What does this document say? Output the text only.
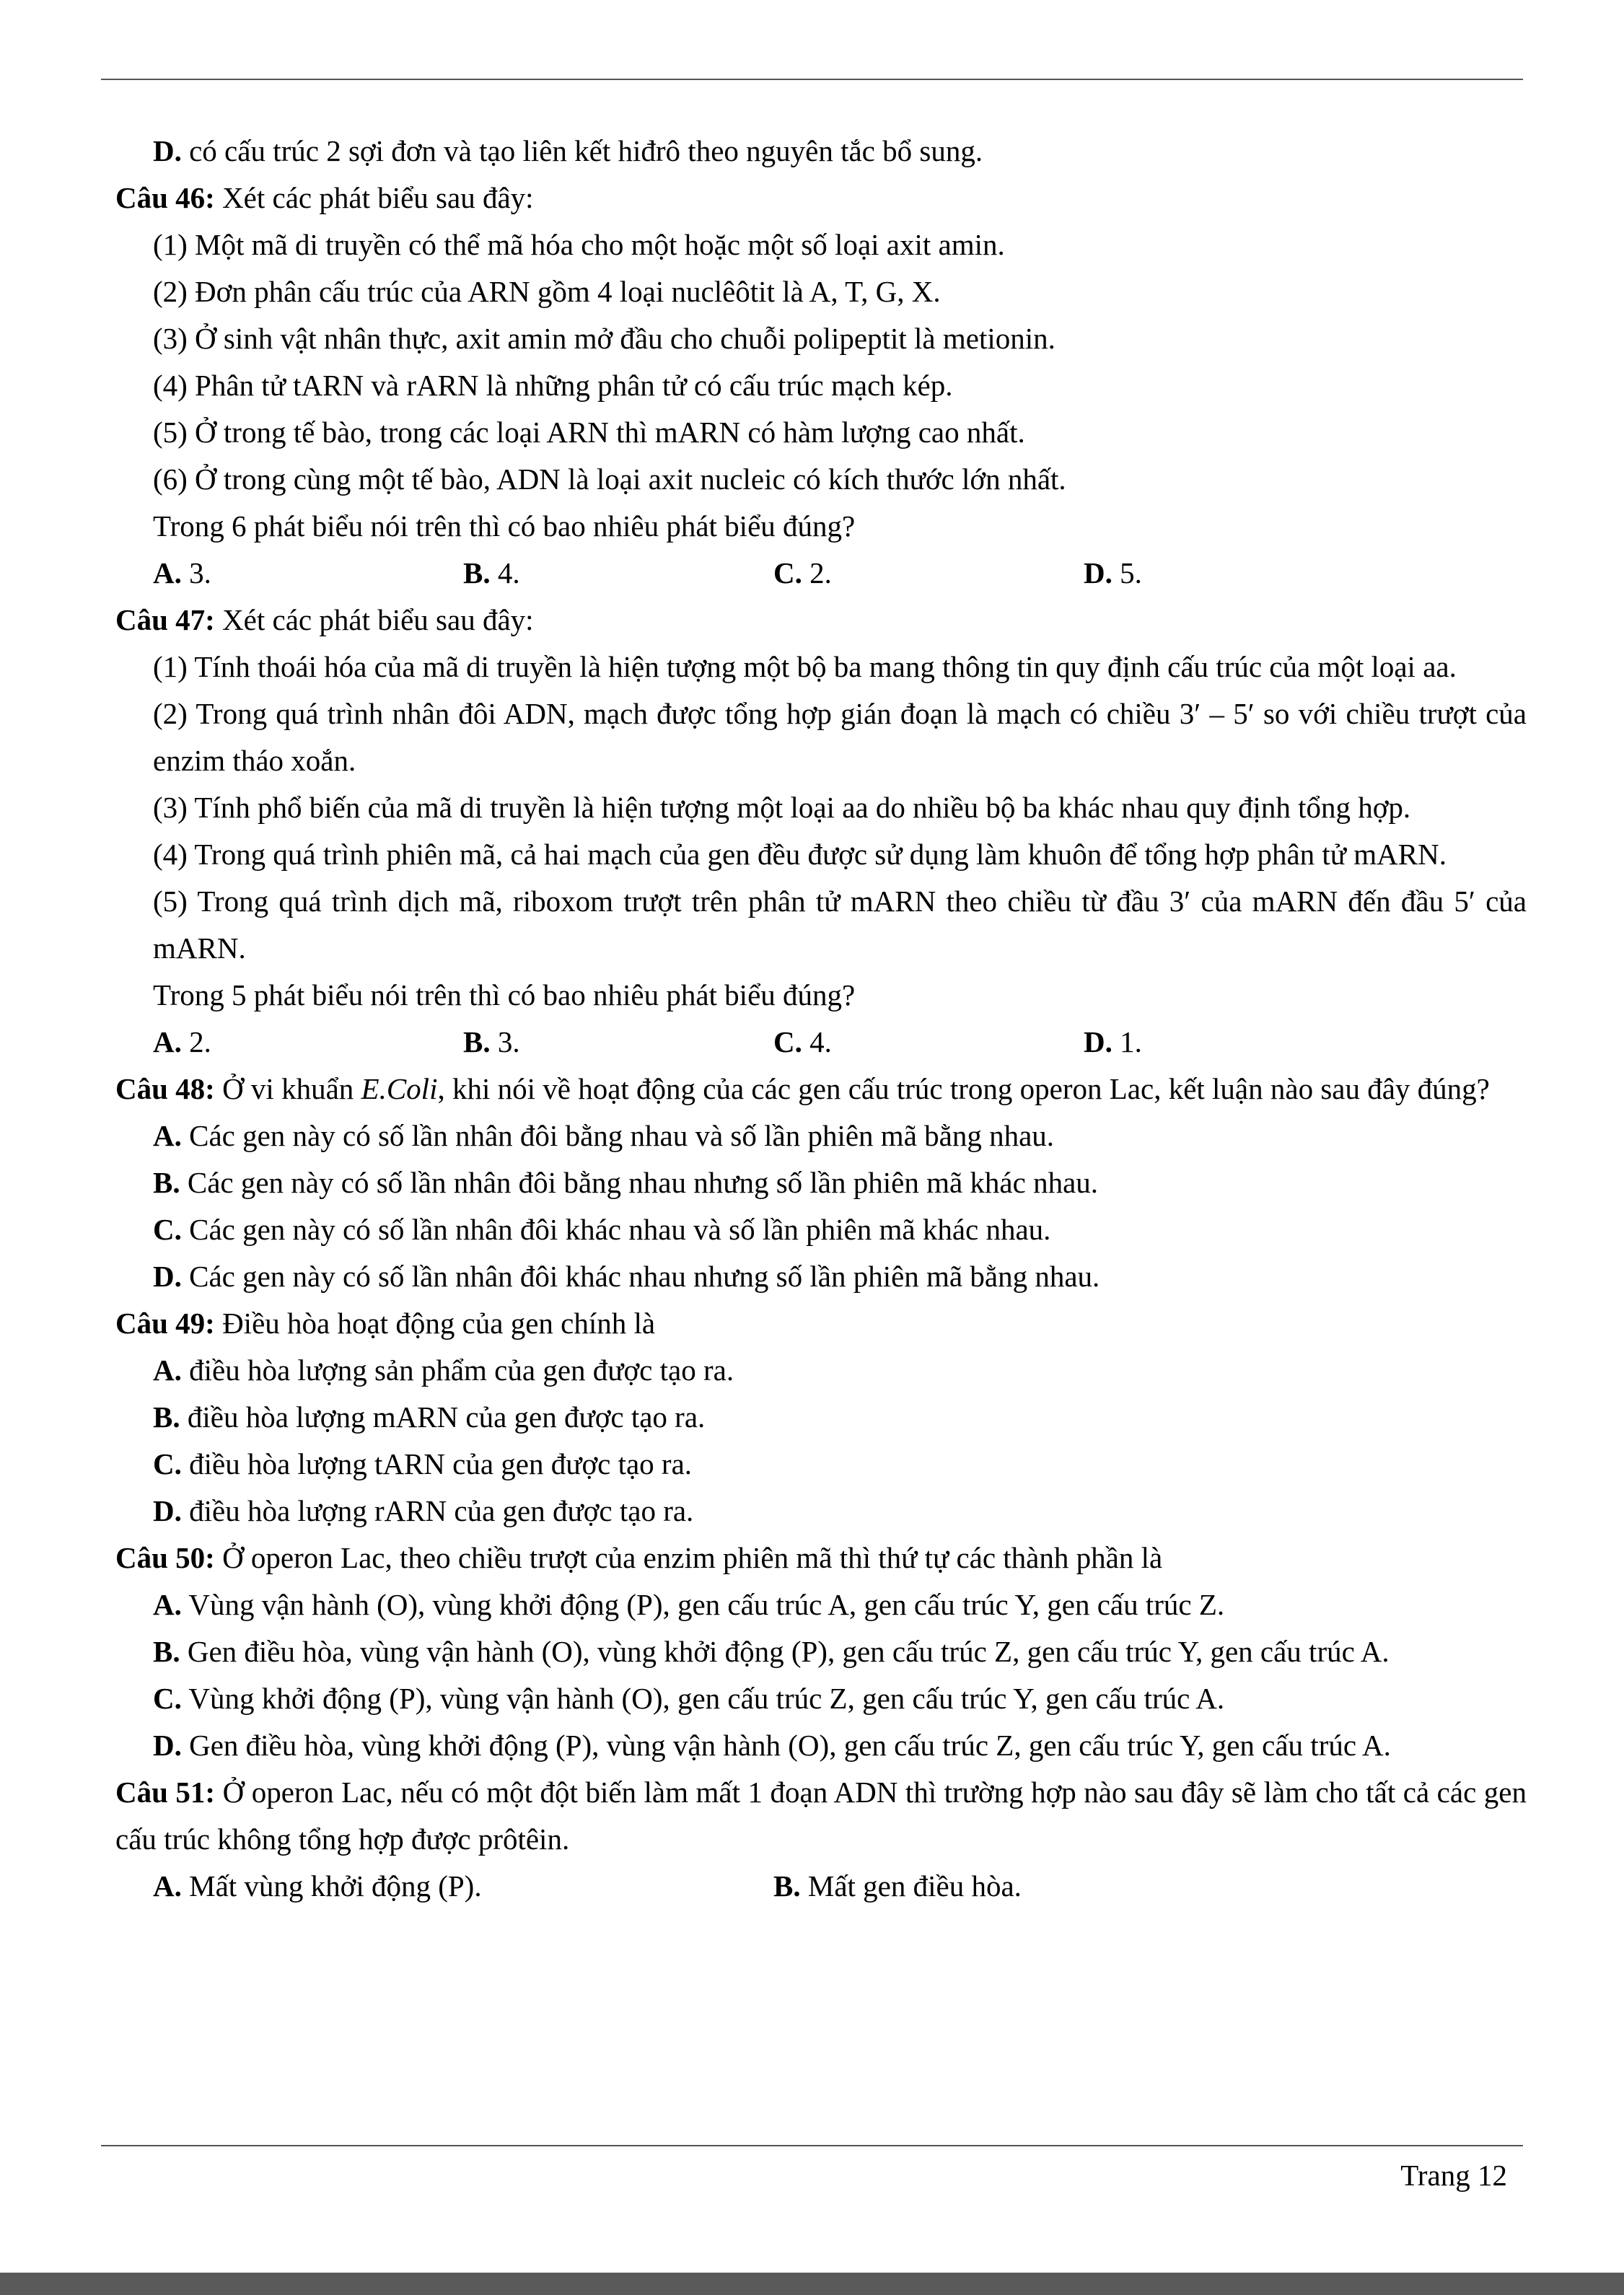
D. có cấu trúc 2 sợi đơn và tạo liên kết hiđrô theo nguyên tắc bổ sung.
Câu 46: Xét các phát biểu sau đây:
(1) Một mã di truyền có thể mã hóa cho một hoặc một số loại axit amin.
(2) Đơn phân cấu trúc của ARN gồm 4 loại nuclêôtit là A, T, G, X.
(3) Ở sinh vật nhân thực, axit amin mở đầu cho chuỗi polipeptit là metionin.
(4) Phân tử tARN và rARN là những phân tử có cấu trúc mạch kép.
(5) Ở trong tế bào, trong các loại ARN thì mARN có hàm lượng cao nhất.
(6) Ở trong cùng một tế bào, ADN là loại axit nucleic có kích thước lớn nhất.
Trong 6 phát biểu nói trên thì có bao nhiêu phát biểu đúng?
A. 3.	B. 4.	C. 2.	D. 5.
Câu 47: Xét các phát biểu sau đây:
(1) Tính thoái hóa của mã di truyền là hiện tượng một bộ ba mang thông tin quy định cấu trúc của một loại aa.
(2) Trong quá trình nhân đôi ADN, mạch được tổng hợp gián đoạn là mạch có chiều 3′ – 5′ so với chiều trượt của enzim tháo xoắn.
(3) Tính phổ biến của mã di truyền là hiện tượng một loại aa do nhiều bộ ba khác nhau quy định tổng hợp.
(4) Trong quá trình phiên mã, cả hai mạch của gen đều được sử dụng làm khuôn để tổng hợp phân tử mARN.
(5) Trong quá trình dịch mã, riboxom trượt trên phân tử mARN theo chiều từ đầu 3′ của mARN đến đầu 5′ của mARN.
Trong 5 phát biểu nói trên thì có bao nhiêu phát biểu đúng?
A. 2.	B. 3.	C. 4.	D. 1.
Câu 48: Ở vi khuẩn E.Coli, khi nói về hoạt động của các gen cấu trúc trong operon Lac, kết luận nào sau đây đúng?
A. Các gen này có số lần nhân đôi bằng nhau và số lần phiên mã bằng nhau.
B. Các gen này có số lần nhân đôi bằng nhau nhưng số lần phiên mã khác nhau.
C. Các gen này có số lần nhân đôi khác nhau và số lần phiên mã khác nhau.
D. Các gen này có số lần nhân đôi khác nhau nhưng số lần phiên mã bằng nhau.
Câu 49: Điều hòa hoạt động của gen chính là
A. điều hòa lượng sản phẩm của gen được tạo ra.
B. điều hòa lượng mARN của gen được tạo ra.
C. điều hòa lượng tARN của gen được tạo ra.
D. điều hòa lượng rARN của gen được tạo ra.
Câu 50: Ở operon Lac, theo chiều trượt của enzim phiên mã thì thứ tự các thành phần là
A. Vùng vận hành (O), vùng khởi động (P), gen cấu trúc A, gen cấu trúc Y, gen cấu trúc Z.
B. Gen điều hòa, vùng vận hành (O), vùng khởi động (P), gen cấu trúc Z, gen cấu trúc Y, gen cấu trúc A.
C. Vùng khởi động (P), vùng vận hành (O), gen cấu trúc Z, gen cấu trúc Y, gen cấu trúc A.
D. Gen điều hòa, vùng khởi động (P), vùng vận hành (O), gen cấu trúc Z, gen cấu trúc Y, gen cấu trúc A.
Câu 51: Ở operon Lac, nếu có một đột biến làm mất 1 đoạn ADN thì trường hợp nào sau đây sẽ làm cho tất cả các gen cấu trúc không tổng hợp được prôtêin.
A. Mất vùng khởi động (P).	B. Mất gen điều hòa.
Trang 12
